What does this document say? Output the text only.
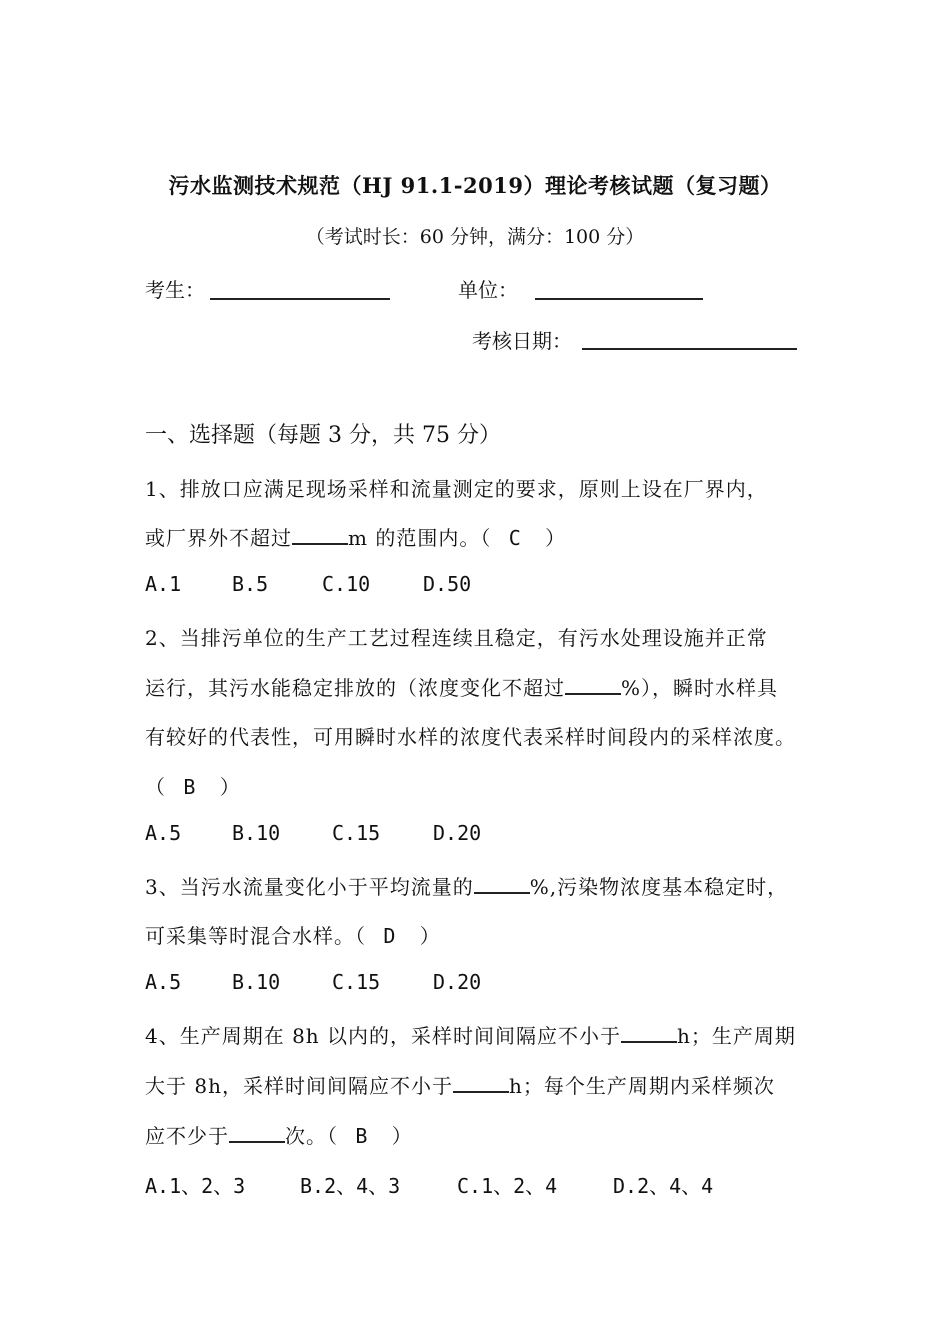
污水监测技术规范（HJ 91.1-2019）理论考核试题（复习题）
（考试时长：60 分钟，满分：100 分）
考生：	单位：
考核日期：
一、选择题（每题 3 分，共 75 分）
1、排放口应满足现场采样和流量测定的要求，原则上设在厂界内，
或厂界外不超过	m 的范围内。（ C ）
A.1	B.5	C.10	D.50
2、当排污单位的生产工艺过程连续且稳定，有污水处理设施并正常
运行，其污水能稳定排放的（浓度变化不超过	%），瞬时水样具
有较好的代表性，可用瞬时水样的浓度代表采样时间段内的采样浓度。
（ B ）
A.5	B.10	C.15	D.20
3、当污水流量变化小于平均流量的	%,污染物浓度基本稳定时，
可采集等时混合水样。（ D ）
A.5	B.10	C.15	D.20
4、生产周期在 8h 以内的，采样时间间隔应不小于	h；生产周期
大于 8h，采样时间间隔应不小于	h；每个生产周期内采样频次
应不少于	次。（ B ）
A.1、2、3	B.2、4、3	C.1、2、4	D.2、4、4
